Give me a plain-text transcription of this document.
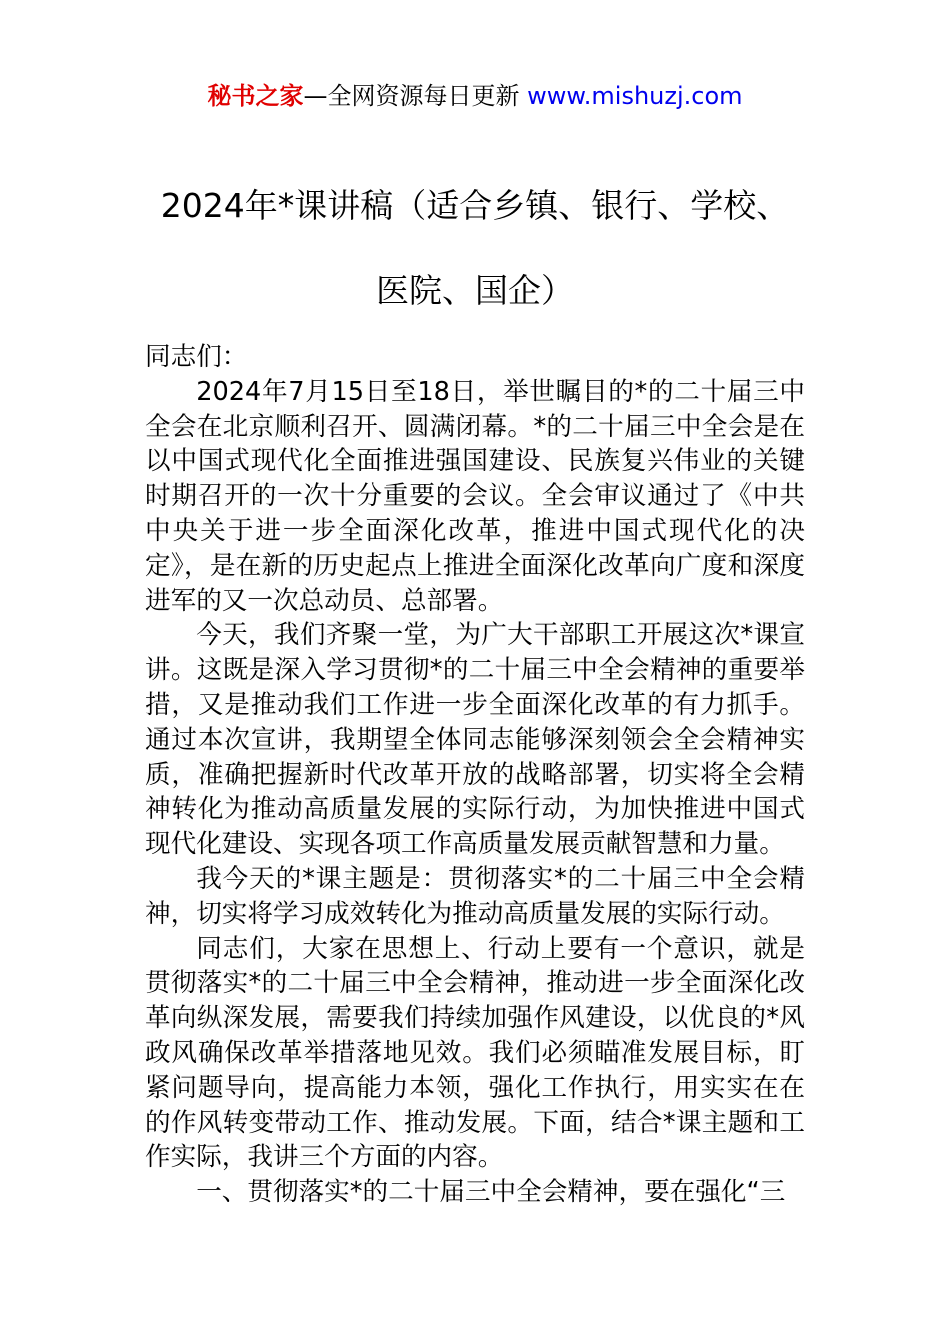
秘书之家—全网资源每日更新 www.mishuzj.com
2024年*课讲稿（适合乡镇、银行、学校、
医院、国企）

同志们：

2024年7月15日至18日，举世瞩目的*的二十届三中全会在北京顺利召开、圆满闭幕。*的二十届三中全会是在以中国式现代化全面推进强国建设、民族复兴伟业的关键时期召开的一次十分重要的会议。全会审议通过了《中共中央关于进一步全面深化改革，推进中国式现代化的决定》，是在新的历史起点上推进全面深化改革向广度和深度进军的又一次总动员、总部署。

今天，我们齐聚一堂，为广大干部职工开展这次*课宣讲。这既是深入学习贯彻*的二十届三中全会精神的重要举措，又是推动我们工作进一步全面深化改革的有力抓手。通过本次宣讲，我期望全体同志能够深刻领会全会精神实质，准确把握新时代改革开放的战略部署，切实将全会精神转化为推动高质量发展的实际行动，为加快推进中国式现代化建设、实现各项工作高质量发展贡献智慧和力量。

我今天的*课主题是：贯彻落实*的二十届三中全会精神，切实将学习成效转化为推动高质量发展的实际行动。

同志们，大家在思想上、行动上要有一个意识，就是贯彻落实*的二十届三中全会精神，推动进一步全面深化改革向纵深发展，需要我们持续加强作风建设，以优良的*风政风确保改革举措落地见效。我们必须瞄准发展目标，盯紧问题导向，提高能力本领，强化工作执行，用实实在在的作风转变带动工作、推动发展。下面，结合*课主题和工作实际，我讲三个方面的内容。

一、贯彻落实*的二十届三中全会精神，要在强化“三
